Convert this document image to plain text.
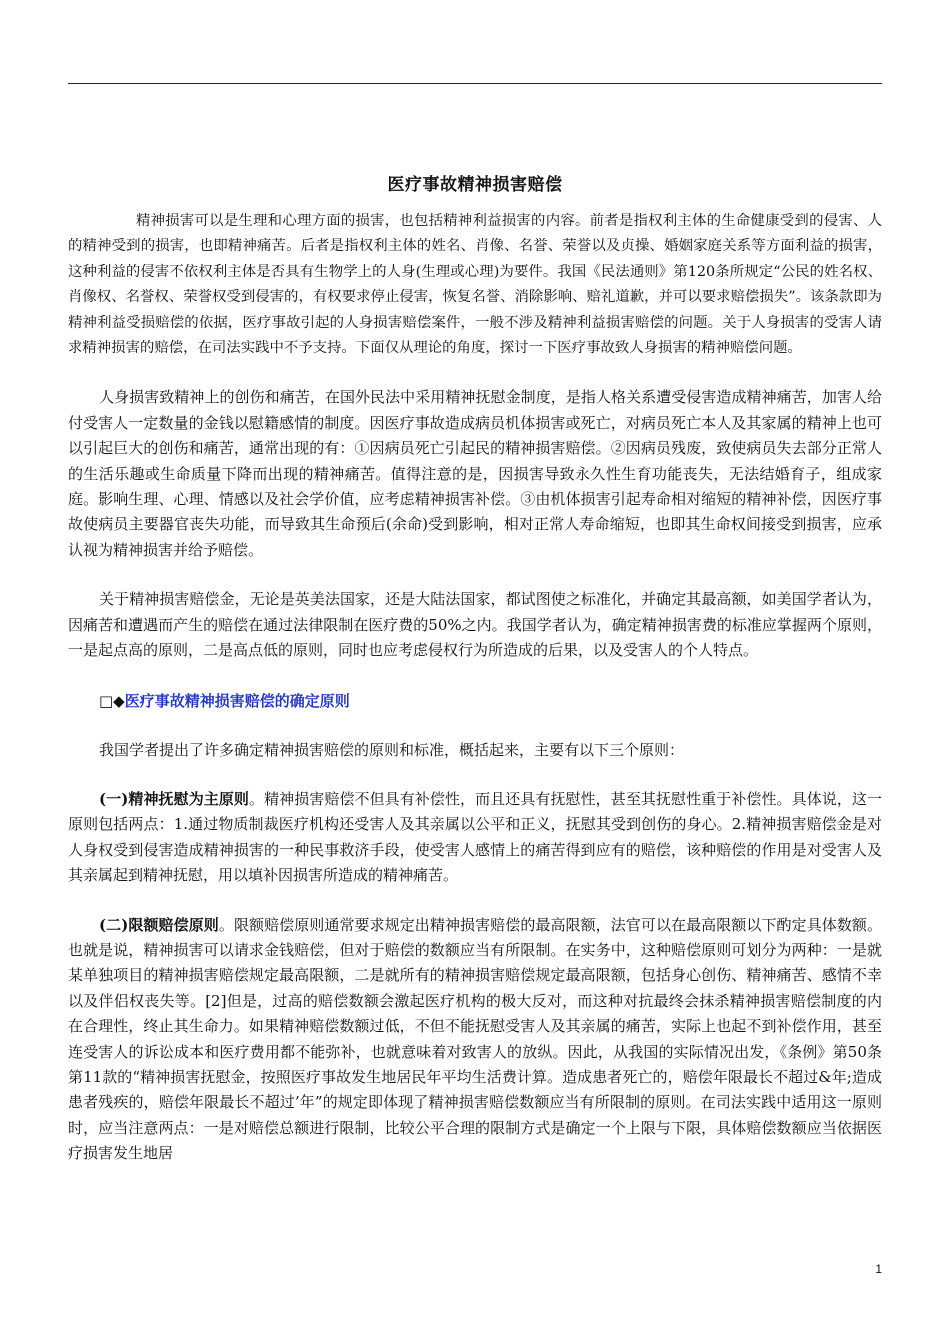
医疗事故精神损害赔偿

精神损害可以是生理和心理方面的损害，也包括精神利益损害的内容。前者是指权利主体的生命健康受到的侵害、人的精神受到的损害，也即精神痛苦。后者是指权利主体的姓名、肖像、名誉、荣誉以及贞操、婚姻家庭关系等方面利益的损害，这种利益的侵害不依权利主体是否具有生物学上的人身(生理或心理)为要件。我国《民法通则》第120条所规定“公民的姓名权、肖像权、名誉权、荣誉权受到侵害的，有权要求停止侵害，恢复名誉、消除影响、赔礼道歉，并可以要求赔偿损失”。该条款即为精神利益受损赔偿的依据，医疗事故引起的人身损害赔偿案件，一般不涉及精神利益损害赔偿的问题。关于人身损害的受害人请求精神损害的赔偿，在司法实践中不予支持。下面仅从理论的角度，探讨一下医疗事故致人身损害的精神赔偿问题。

人身损害致精神上的创伤和痛苦，在国外民法中采用精神抚慰金制度，是指人格关系遭受侵害造成精神痛苦，加害人给付受害人一定数量的金钱以慰籍感情的制度。因医疗事故造成病员机体损害或死亡，对病员死亡本人及其家属的精神上也可以引起巨大的创伤和痛苦，通常出现的有：①因病员死亡引起民的精神损害赔偿。②因病员残废，致使病员失去部分正常人的生活乐趣或生命质量下降而出现的精神痛苦。值得注意的是，因损害导致永久性生育功能丧失，无法结婚育子，组成家庭。影响生理、心理、情感以及社会学价值，应考虑精神损害补偿。③由机体损害引起寿命相对缩短的精神补偿，因医疗事故使病员主要器官丧失功能，而导致其生命预后(余命)受到影响，相对正常人寿命缩短，也即其生命权间接受到损害，应承认视为精神损害并给予赔偿。

关于精神损害赔偿金，无论是英美法国家，还是大陆法国家，都试图使之标准化，并确定其最高额，如美国学者认为，因痛苦和遭遇而产生的赔偿在通过法律限制在医疗费的50%之内。我国学者认为，确定精神损害费的标准应掌握两个原则，一是起点高的原则，二是高点低的原则，同时也应考虑侵权行为所造成的后果，以及受害人的个人特点。

□◆医疗事故精神损害赔偿的确定原则

我国学者提出了许多确定精神损害赔偿的原则和标准，概括起来，主要有以下三个原则：

(一)精神抚慰为主原则。精神损害赔偿不但具有补偿性，而且还具有抚慰性，甚至其抚慰性重于补偿性。具体说，这一原则包括两点：1.通过物质制裁医疗机构还受害人及其亲属以公平和正义，抚慰其受到创伤的身心。2.精神损害赔偿金是对人身权受到侵害造成精神损害的一种民事救济手段，使受害人感情上的痛苦得到应有的赔偿，该种赔偿的作用是对受害人及其亲属起到精神抚慰，用以填补因损害所造成的精神痛苦。

(二)限额赔偿原则。限额赔偿原则通常要求规定出精神损害赔偿的最高限额，法官可以在最高限额以下酌定具体数额。也就是说，精神损害可以请求金钱赔偿，但对于赔偿的数额应当有所限制。在实务中，这种赔偿原则可划分为两种：一是就某单独项目的精神损害赔偿规定最高限额，二是就所有的精神损害赔偿规定最高限额，包括身心创伤、精神痛苦、感情不幸以及伴侣权丧失等。[2]但是，过高的赔偿数额会激起医疗机构的极大反对，而这种对抗最终会抹杀精神损害赔偿制度的内在合理性，终止其生命力。如果精神赔偿数额过低，不但不能抚慰受害人及其亲属的痛苦，实际上也起不到补偿作用，甚至连受害人的诉讼成本和医疗费用都不能弥补，也就意味着对致害人的放纵。因此，从我国的实际情况出发，《条例》第50条第11款的“精神损害抚慰金，按照医疗事故发生地居民年平均生活费计算。造成患者死亡的，赔偿年限最长不超过&年;造成患者残疾的，赔偿年限最长不超过’年”的规定即体现了精神损害赔偿数额应当有所限制的原则。在司法实践中适用这一原则时，应当注意两点：一是对赔偿总额进行限制，比较公平合理的限制方式是确定一个上限与下限，具体赔偿数额应当依据医疗损害发生地居

1
